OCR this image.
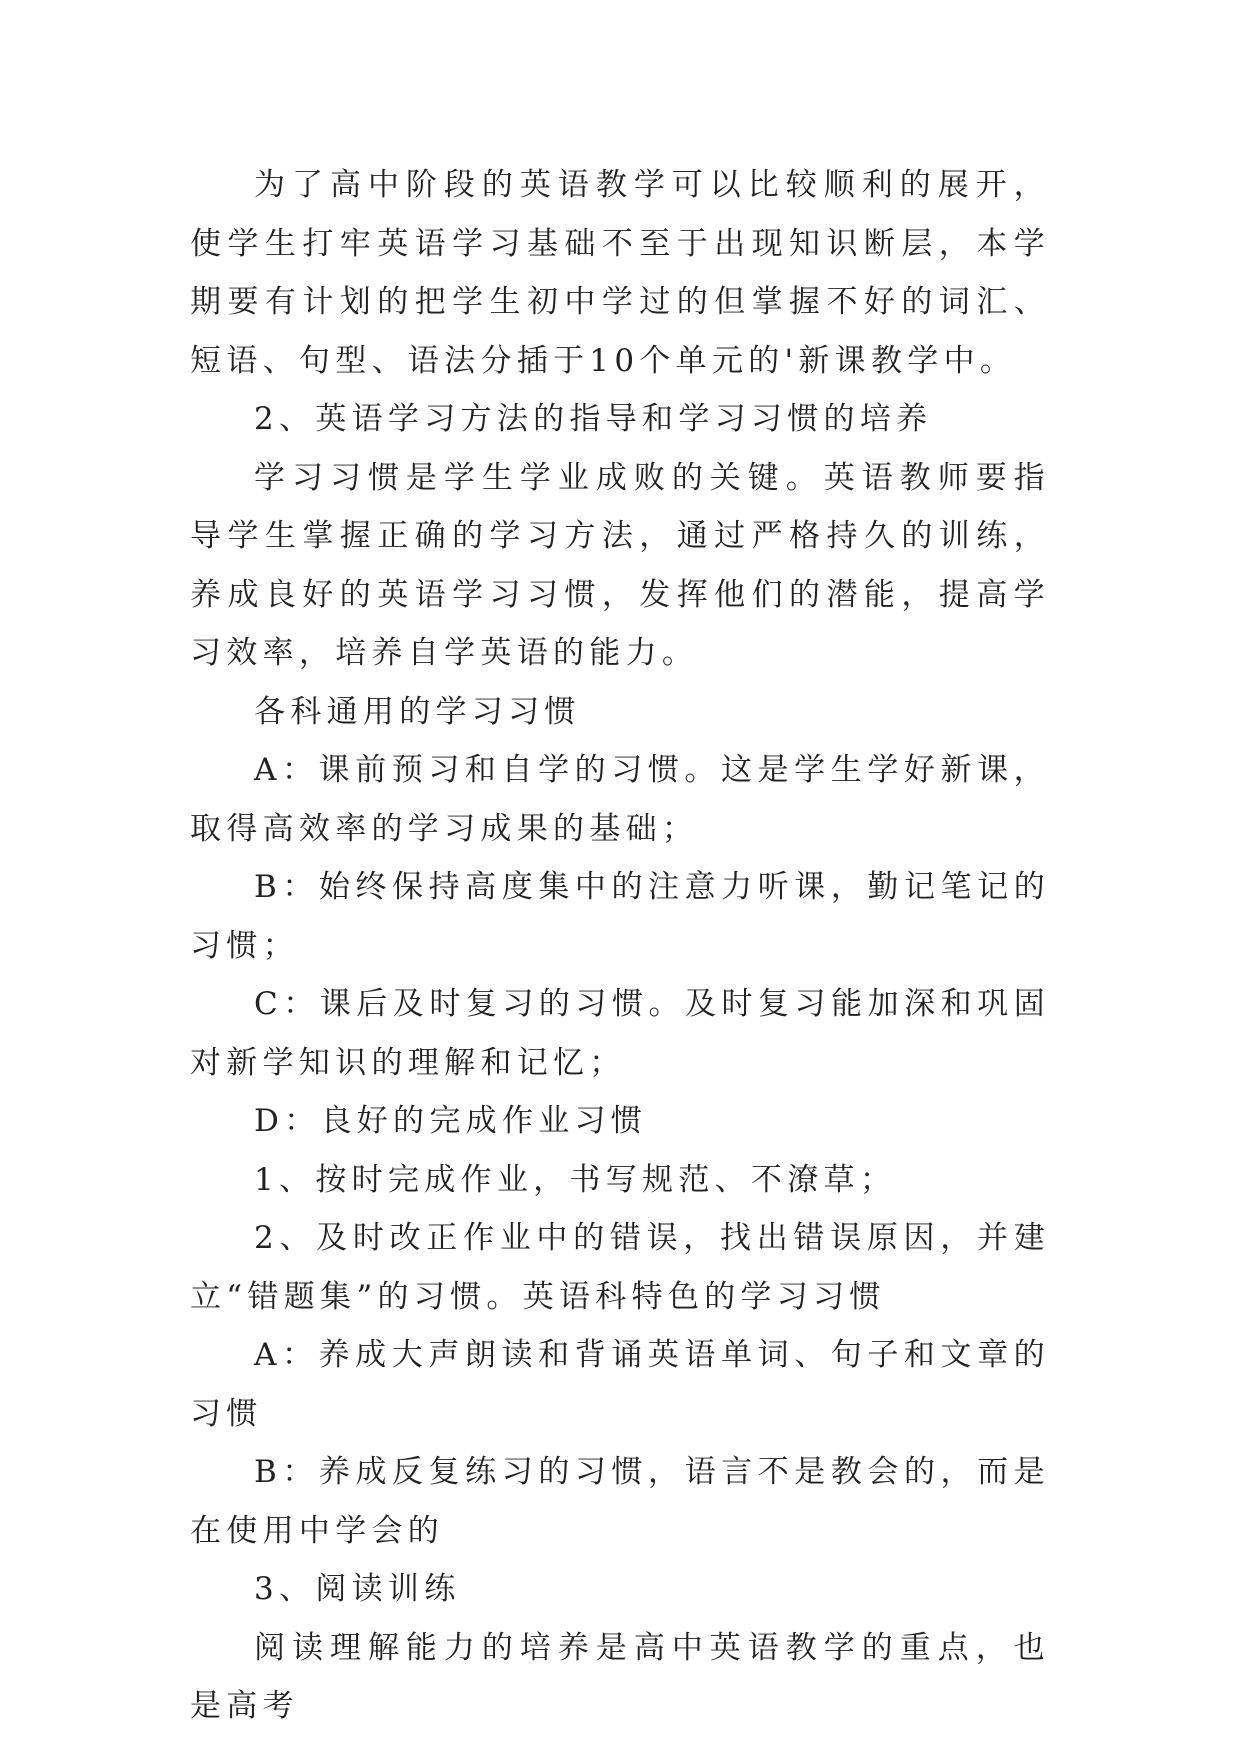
为了高中阶段的英语教学可以比较顺利的展开，使学生打牢英语学习基础不至于出现知识断层，本学期要有计划的把学生初中学过的但掌握不好的词汇、短语、句型、语法分插于10个单元的'新课教学中。

2、英语学习方法的指导和学习习惯的培养

学习习惯是学生学业成败的关键。英语教师要指导学生掌握正确的学习方法，通过严格持久的训练，养成良好的英语学习习惯，发挥他们的潜能，提高学习效率，培养自学英语的能力。

各科通用的学习习惯

A：课前预习和自学的习惯。这是学生学好新课，取得高效率的学习成果的基础；

B：始终保持高度集中的注意力听课，勤记笔记的习惯；

C：课后及时复习的习惯。及时复习能加深和巩固对新学知识的理解和记忆；

D：良好的完成作业习惯

1、按时完成作业，书写规范、不潦草；

2、及时改正作业中的错误，找出错误原因，并建立“错题集”的习惯。英语科特色的学习习惯

A：养成大声朗读和背诵英语单词、句子和文章的习惯

B：养成反复练习的习惯，语言不是教会的，而是在使用中学会的

3、阅读训练

阅读理解能力的培养是高中英语教学的重点，也是高考
